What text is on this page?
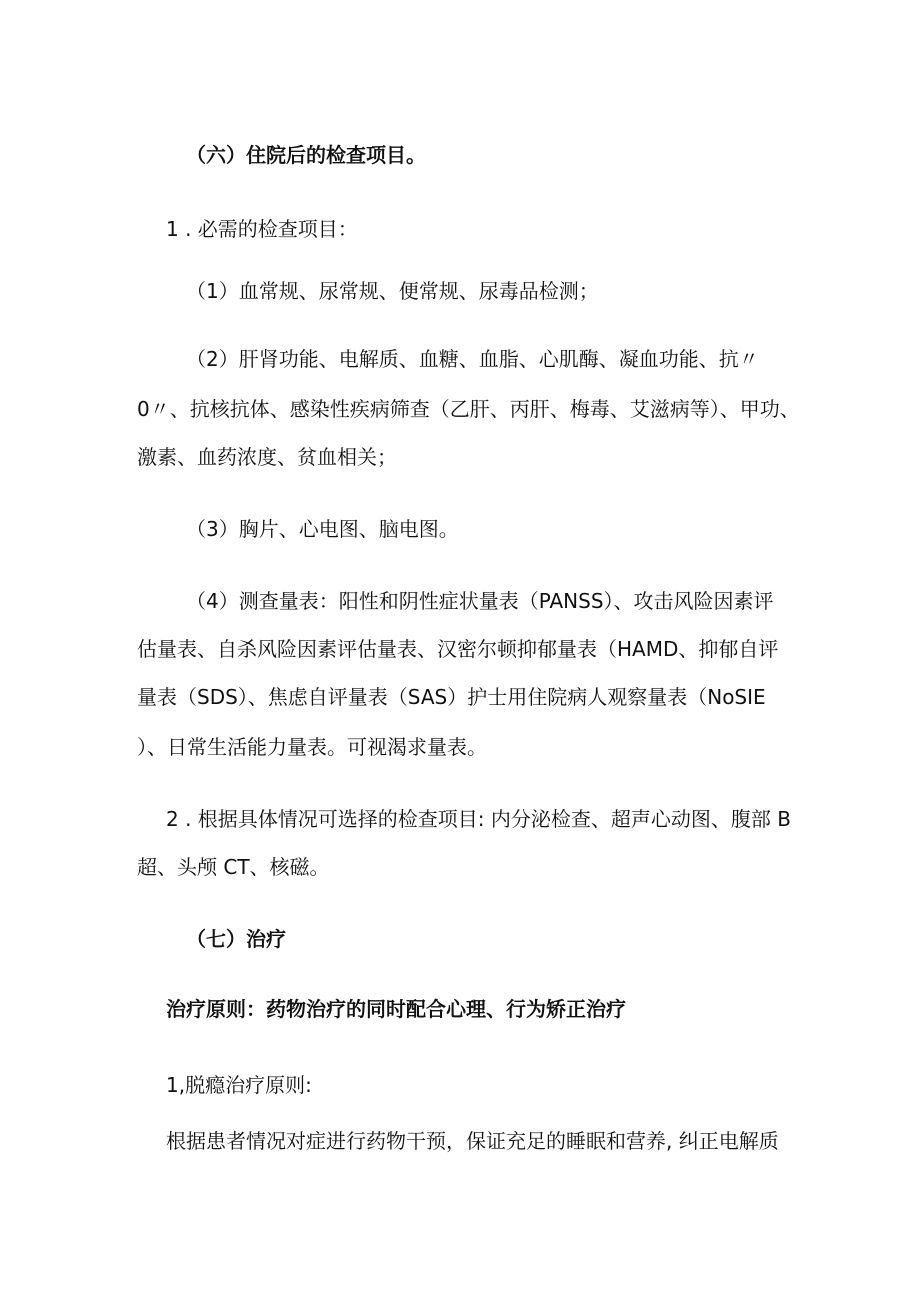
（六）住院后的检查项目。

1 . 必需的检查项目：

（1）血常规、尿常规、便常规、尿毒品检测；

（2）肝肾功能、电解质、血糖、血脂、心肌酶、凝血功能、抗〃

0〃、抗核抗体、感染性疾病筛查（乙肝、丙肝、梅毒、艾滋病等）、甲功、

激素、血药浓度、贫血相关；

（3）胸片、心电图、脑电图。

（4）测查量表：阳性和阴性症状量表（PANSS）、攻击风险因素评

估量表、自杀风险因素评估量表、汉密尔顿抑郁量表（HAMD、抑郁自评

量表（SDS）、焦虑自评量表（SAS）护士用住院病人观察量表（NoSIE

）、日常生活能力量表。可视渴求量表。

2 . 根据具体情况可选择的检查项目: 内分泌检查、超声心动图、腹部 B

超、头颅 CT、核磁。

（七）治疗

治疗原则：药物治疗的同时配合心理、行为矫正治疗

1,脱瘾治疗原则:

根据患者情况对症进行药物干预，保证充足的睡眠和营养, 纠正电解质
